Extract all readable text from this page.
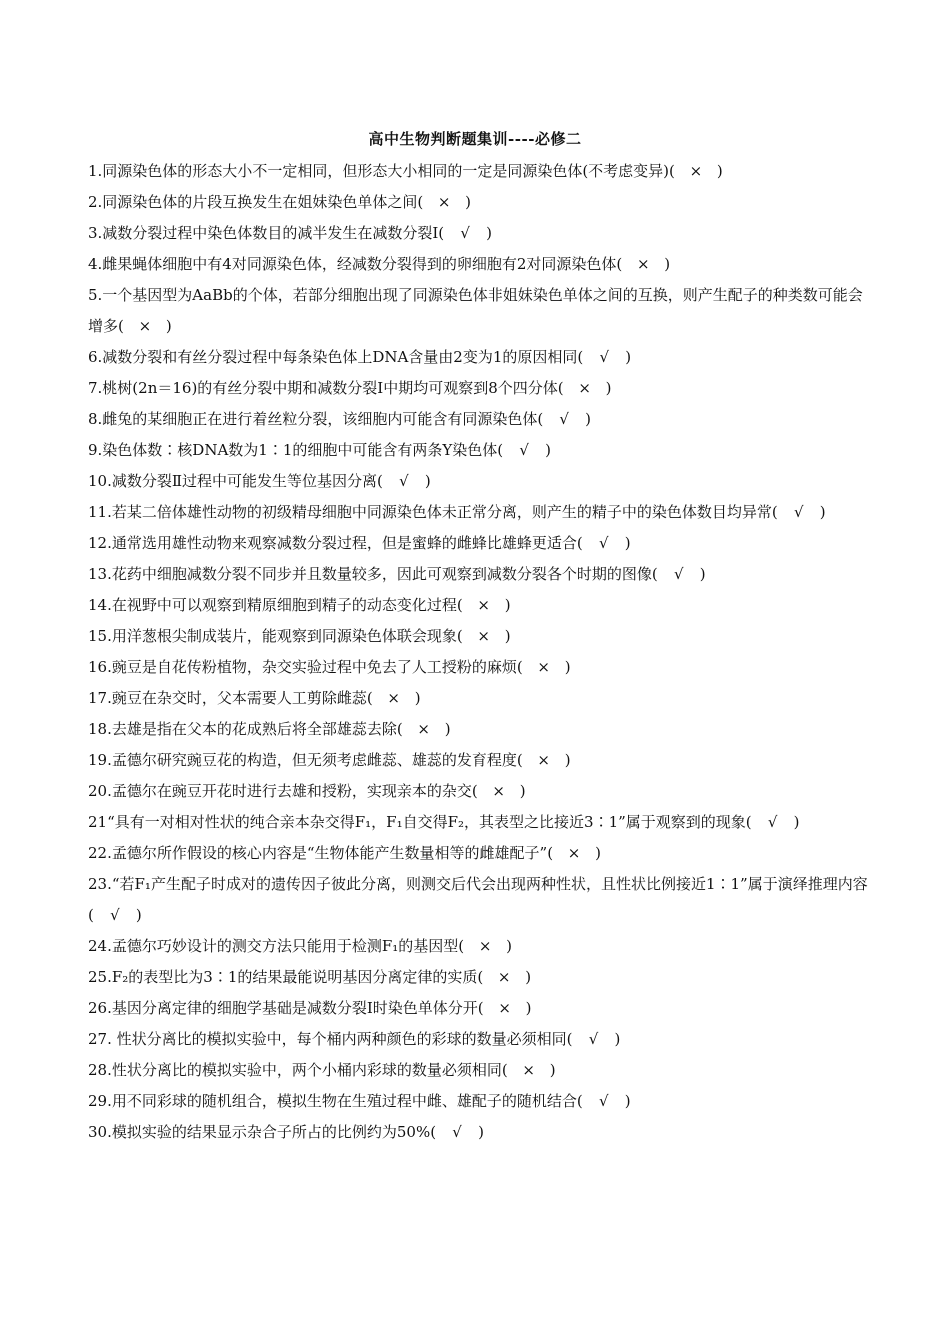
高中生物判断题集训----必修二

1.同源染色体的形态大小不一定相同，但形态大小相同的一定是同源染色体(不考虑变异)( × )

2.同源染色体的片段互换发生在姐妹染色单体之间( × )

3.减数分裂过程中染色体数目的减半发生在减数分裂Ⅰ( √ )

4.雌果蝇体细胞中有4对同源染色体，经减数分裂得到的卵细胞有2对同源染色体( × )

5.一个基因型为AaBb的个体，若部分细胞出现了同源染色体非姐妹染色单体之间的互换，则产生配子的种类数可能会增多( × )

6.减数分裂和有丝分裂过程中每条染色体上DNA含量由2变为1的原因相同( √ )

7.桃树(2n＝16)的有丝分裂中期和减数分裂Ⅰ中期均可观察到8个四分体( × )

8.雌兔的某细胞正在进行着丝粒分裂，该细胞内可能含有同源染色体( √ )

9.染色体数∶核DNA数为1∶1的细胞中可能含有两条Y染色体( √ )

10.减数分裂Ⅱ过程中可能发生等位基因分离( √ )

11.若某二倍体雄性动物的初级精母细胞中同源染色体未正常分离，则产生的精子中的染色体数目均异常( √ )

12.通常选用雄性动物来观察减数分裂过程，但是蜜蜂的雌蜂比雄蜂更适合( √ )

13.花药中细胞减数分裂不同步并且数量较多，因此可观察到减数分裂各个时期的图像( √ )

14.在视野中可以观察到精原细胞到精子的动态变化过程( × )

15.用洋葱根尖制成装片，能观察到同源染色体联会现象( × )

16.豌豆是自花传粉植物，杂交实验过程中免去了人工授粉的麻烦( × )

17.豌豆在杂交时，父本需要人工剪除雌蕊( × )

18.去雄是指在父本的花成熟后将全部雄蕊去除( × )

19.孟德尔研究豌豆花的构造，但无须考虑雌蕊、雄蕊的发育程度( × )

20.孟德尔在豌豆开花时进行去雄和授粉，实现亲本的杂交( × )

21“具有一对相对性状的纯合亲本杂交得F₁，F₁自交得F₂，其表型之比接近3∶1”属于观察到的现象( √ )

22.孟德尔所作假设的核心内容是“生物体能产生数量相等的雌雄配子”( × )

23.“若F₁产生配子时成对的遗传因子彼此分离，则测交后代会出现两种性状，且性状比例接近1∶1”属于演绎推理内容( √ )

24.孟德尔巧妙设计的测交方法只能用于检测F₁的基因型( × )

25.F₂的表型比为3∶1的结果最能说明基因分离定律的实质( × )

26.基因分离定律的细胞学基础是减数分裂Ⅰ时染色单体分开( × )

27. 性状分离比的模拟实验中，每个桶内两种颜色的彩球的数量必须相同( √ )

28.性状分离比的模拟实验中，两个小桶内彩球的数量必须相同( × )

29.用不同彩球的随机组合，模拟生物在生殖过程中雌、雄配子的随机结合( √ )

30.模拟实验的结果显示杂合子所占的比例约为50%( √ )
